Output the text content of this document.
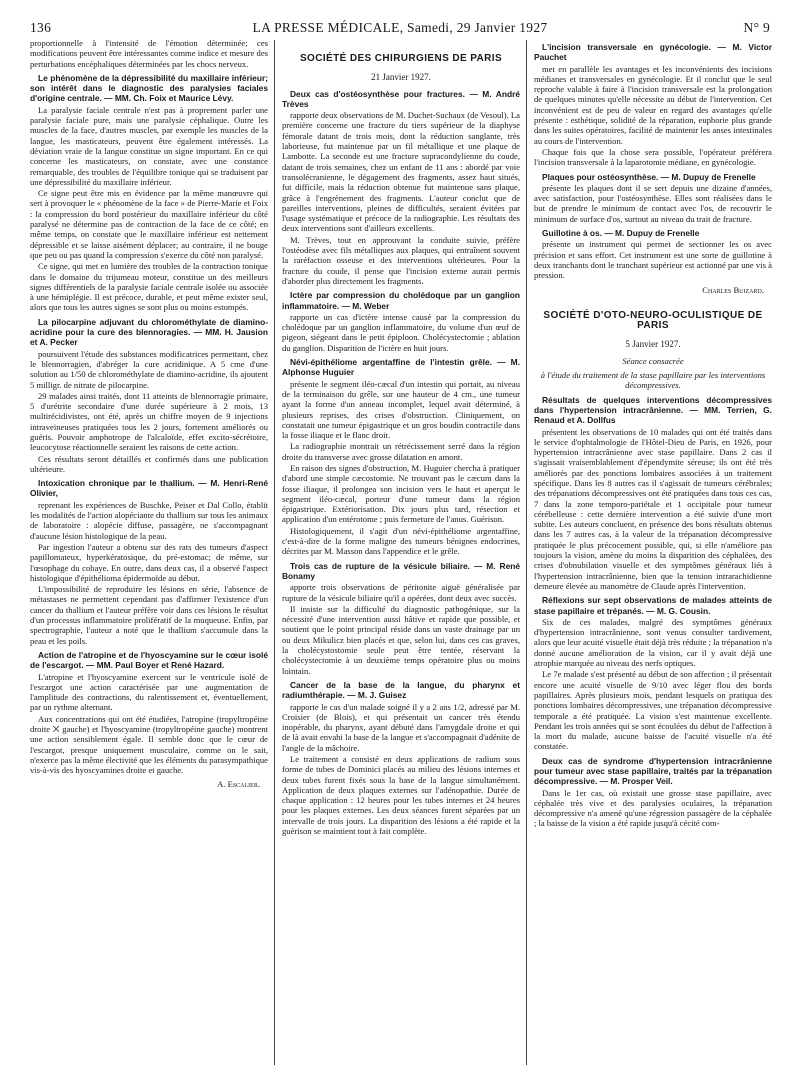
136	LA PRESSE MÉDICALE, Samedi, 29 Janvier 1927	N° 9

proportionnelle à l'intensité de l'émotion déterminée; ces modifications peuvent être intéressantes comme indice et mesure des perturbations encéphaliques déterminées par les chocs nerveux.

Le phénomène de la dépressibilité du maxillaire inférieur; son intérêt dans le diagnostic des paralysies faciales d'origine centrale. — MM. Ch. Foix et Maurice Lévy.

La paralysie faciale centrale n'est pas à proprement parler une paralysie faciale pure, mais une paralysie céphalique. Outre les muscles de la face, d'autres muscles, par exemple les muscles de la langue, les masticateurs, peuvent être également intéressés. La déviation vraie de la langue constitue un signe important. En ce qui concerne les masticateurs, on constate, avec une constance remarquable, des troubles de l'équilibre tonique qui se traduisent par une dépressibilité du maxillaire inférieur.

Ce signe peut être mis en évidence par la même manœuvre qui sert à provoquer le « phénomène de la face » de Pierre-Marie et Foix : la compression du bord postérieur du maxillaire inférieur du côté paralysé ne détermine pas de contraction de la face de ce côté; en même temps, on constate que le maxillaire inférieur est nettement dépressible et se laisse aisément déplacer; au contraire, il ne bouge que peu ou pas quand la compression s'exerce du côté non paralysé.

Ce signe, qui met en lumière des troubles de la contraction tonique dans le domaine du trijumeau moteur, constitue un des meilleurs signes différentiels de la paralysie faciale centrale isolée ou associée à une hémiplégie. Il est précoce, durable, et peut même exister seul, alors que tous les autres signes se sont plus ou moins estompés.

La pilocarpine adjuvant du chlorométhylate de diamino-acridine pour la cure des blennoragies. — MM. H. Jausion et A. Pecker

poursuivent l'étude des substances modificatrices permettant, chez le blennorragien, d'abréger la cure acridinique. A 5 cme d'une solution au 1/50 de chlorométhylate de diamino-acridine, ils ajoutent 5 milligr. de nitrate de pilocarpine.

29 malades ainsi traités, dont 11 atteints de blennorragie primaire, 5 d'urétrite secondaire d'une durée supérieure à 2 mois, 13 multirécidivistes, ont été, après un chiffre moyen de 9 injections intraveineuses pratiquées tous les 2 jours, fortement améliorés ou guéris. Pouvoir amphotrope de l'alcaloïde, effet excito-sécrétoire, leucocytose réactionnelle seraient les raisons de cette action.

Ces résultats seront détaillés et confirmés dans une publication ultérieure.

Intoxication chronique par le thallium. — M. Henri-René Olivier,

reprenant les expériences de Buschke, Peiser et Dal Collo, établit les modalités de l'action alopéciante du thallium sur tous les animaux de laboratoire : alopécie diffuse, passagère, ne s'accompagnant d'aucune lésion histologique de la peau.

Par ingestion l'auteur a obtenu sur des rats des tumeurs d'aspect papillomateux, hyperkératosique, du pré-estomac; de même, sur l'œsophage du cobaye. En outre, dans deux cas, il a observé l'aspect histologique d'épithélioma épidermoïde au début.

L'impossibilité de reproduire les lésions en série, l'absence de métastases ne permettent cependant pas d'affirmer l'existence d'un cancer du thallium et l'auteur préfère voir dans ces lésions le résultat d'un processus inflammatoire prolifératif de la muqueuse. Enfin, par spectrographie, l'auteur a noté que le thallium s'accumule dans la peau et les poils.

Action de l'atropine et de l'hyoscyamine sur le cœur isolé de l'escargot. — MM. Paul Boyer et René Hazard.

L'atropine et l'hyoscyamine exercent sur le ventricule isolé de l'escargot une action caractérisée par une augmentation de l'amplitude des contractions, du ralentissement et, éventuellement, par un rythme alternant.

Aux concentrations qui ont été étudiées, l'atropine (tropyltropéine droite ⨉ gauche) et l'hyoscyamine (tropyltropéine gauche) montrent une action sensiblement égale. Il semble donc que le cœur de l'escargot, presque uniquement musculaire, comme on le sait, n'exerce pas la même électivité que les éléments du parasympathique vis-à-vis des hyoscyamines droite et gauche.

A. Escalier.
SOCIÉTÉ DES CHIRURGIENS DE PARIS
21 Janvier 1927.

Deux cas d'ostéosynthèse pour fractures. — M. André Trèves

rapporte deux observations de M. Duchet-Suchaux (de Vesoul). La première concerne une fracture du tiers supérieur de la diaphyse fémorale datant de trois mois, dont la réduction sanglante, très laborieuse, fut maintenue par un fil métallique et une plaque de Lambotte. La seconde est une fracture supracondylienne du coude, datant de trois semaines, chez un enfant de 11 ans : abordé par voie transolécranienne, le dégagement des fragments, assez haut situés, fut difficile, mais la réduction obtenue fut maintenue sans plaque, grâce à l'engrènement des fragments. L'auteur conclut que de pareilles interventions, pleines de difficultés, seraient évitées par l'usage systématique et précoce de la radiographie. Les résultats des deux interventions sont d'ailleurs excellents.

M. Trèves, tout en approuvant la conduite suivie, préfère l'ostéodèse avec fils métalliques aux plaques, qui entraînent souvent la raréfaction osseuse et des interventions ultérieures. Pour la fracture du coude, il pense que l'incision externe aurait permis d'aborder plus directement les fragments.

Ictère par compression du cholédoque par un ganglion inflammatoire. — M. Weber

rapporte un cas d'ictère intense causé par la compression du cholédoque par un ganglion inflammatoire, du volume d'un œuf de pigeon, siégeant dans le petit épiploon. Cholécystectomie ; ablation du ganglion. Disparition de l'ictère en huit jours.

Névi-épithéliome argentaffine de l'intestin grêle. — M. Alphonse Huguier

présente le segment iléo-cæcal d'un intestin qui portait, au niveau de la terminaison du grêle, sur une hauteur de 4 cm., une tumeur ayant la forme d'un anneau incomplet, lequel avait déterminé, à plusieurs reprises, des crises d'obstruction. Cliniquement, on constatait une tumeur épigastrique et un gros boudin contractile dans la fosse iliaque et le flanc droit.

La radiographie montrait un rétrécissement serré dans la région droite du transverse avec grosse dilatation en amont.

En raison des signes d'obstruction, M. Huguier chercha à pratiquer d'abord une simple cæcostomie. Ne trouvant pas le cæcum dans la fosse iliaque, il prolongea son incision vers le haut et aperçut le segment iléo-cæcal, porteur d'une tumeur dans la région épigastrique. Extériorisation. Dix jours plus tard, résection et application d'un entérotome ; puis fermeture de l'anus. Guérison.

Histologiquement, il s'agit d'un névi-épithéliome argentaffine, c'est-à-dire de la forme maligne des tumeurs bénignes endocrines, décrites par M. Masson dans l'appendice et le grêle.

Trois cas de rupture de la vésicule biliaire. — M. René Bonamy

apporte trois observations de péritonite aiguë généralisée par rupture de la vésicule biliaire qu'il a opérées, dont deux avec succès.

Il insiste sur la difficulté du diagnostic pathogénique, sur la nécessité d'une intervention aussi hâtive et rapide que possible, et soutient que le point principal réside dans un vaste drainage par un ou deux Mikulicz bien placés et que, selon lui, dans ces cas graves, la cholécystostomie seule peut être tentée, réservant la cholécystectomie à un deuxième temps opératoire plus ou moins lointain.

Cancer de la base de la langue, du pharynx et radiumthérapie. — M. J. Guisez

rapporte le cas d'un malade soigné il y a 2 ans 1/2, adressé par M. Croisier (de Blois), et qui présentait un cancer très étendu inopérable, du pharynx, ayant débuté dans l'amygdale droite et qui de là avait envahi la base de la langue et s'accompagnait d'adénite de l'angle de la mâchoire.

Le traitement a consisté en deux applications de radium sous forme de tubes de Dominici placés au milieu des lésions internes et deux tubes furent fixés sous la base de la langue simultanément. Application de deux plaques externes sur l'adénopathie. Durée de chaque application : 12 heures pour les tubes internes et 24 heures pour les plaques externes. Les deux séances furent séparées par un intervalle de trois jours. La disparition des lésions a été rapide et la guérison se maintient tout à fait complète.

L'incision transversale en gynécologie. — M. Victor Pauchet

met en parallèle les avantages et les inconvénients des incisions médianes et transversales en gynécologie. Et il conclut que le seul reproche valable à faire à l'incision transversale est la prolongation de quelques minutes qu'elle nécessite au début de l'intervention. Cet inconvénient est de peu de valeur en regard des avantages qu'elle présente : esthétique, solidité de la réparation, euphorie plus grande dans les suites opératoires, facilité de maintenir les anses intestinales au cours de l'intervention.

Chaque fois que la chose sera possible, l'opérateur préférera l'incision transversale à la laparotomie médiane, en gynécologie.

Plaques pour ostéosynthèse. — M. Dupuy de Frenelle

présente les plaques dont il se sert depuis une dizaine d'années, avec satisfaction, pour l'ostéosynthèse. Elles sont réalisées dans le but de prendre le minimum de contact avec l'os, de recouvrir le minimum de surface d'os, surtout au niveau du trait de fracture.

Guillotine à os. — M. Dupuy de Frenelle

présente un instrument qui permet de sectionner les os avec précision et sans effort. Cet instrument est une sorte de guillotine à deux tranchants dont le tranchant supérieur est actionné par une vis à pression.

Charles Buizard.
SOCIÉTÉ D'OTO-NEURO-OCULISTIQUE DE PARIS
5 Janvier 1927.
Séance consacrée
à l'étude du traitement de la stase papillaire par les interventions décompressives.

Résultats de quelques interventions décompressives dans l'hypertension intracrânienne. — MM. Terrien, G. Renaud et A. Dollfus

présentent les observations de 10 malades qui ont été traités dans le service d'ophtalmologie de l'Hôtel-Dieu de Paris, en 1926, pour hypertension intracrânienne avec stase papillaire. Dans 2 cas il s'agissait vraisemblablement d'épendymite séreuse; ils ont été très améliorés par des ponctions lombaires associées à un traitement spécifique. Dans les 8 autres cas il s'agissait de tumeurs cérébrales; des trépanations décompressives ont été pratiquées dans tous ces cas, 7 dans la zone temporo-pariétale et 1 occipitale pour tumeur cérébelleuse : cette dernière intervention a été suivie d'une mort subite. Les auteurs concluent, en présence des bons résultats obtenus dans les 7 autres cas, à la valeur de la trépanation décompressive pratiquée le plus précocement possible, qui, si elle n'améliore pas toujours la vision, amène du moins la disparition des céphalées, des crises d'obnubilation visuelle et des symptômes généraux liés à l'hypertension intracrânienne, bien que la tension intrarachidienne demeure élevée au manomètre de Claude après l'intervention.

Réflexions sur sept observations de malades atteints de stase papillaire et trépanés. — M. G. Cousin.

Six de ces malades, malgré des symptômes généraux d'hypertension intracrânienne, sont venus consulter tardivement, alors que leur acuité visuelle était déjà très réduite ; la trépanation n'a donné aucune amélioration de la vision, car il y avait déjà une atrophie marquée au niveau des nerfs optiques.

Le 7e malade s'est présenté au début de son affection ; il présentait encore une acuité visuelle de 9/10 avec léger flou des bords papillaires. Après plusieurs mois, pendant lesquels on pratiqua des ponctions lombaires décompressives, une trépanation décompressive temporale a été pratiquée. La vision s'est maintenue excellente. Pendant les trois années qui se sont écoulées du début de l'affection à la mort du malade, aucune baisse de l'acuité visuelle n'a été constatée.

Deux cas de syndrome d'hypertension intracrânienne pour tumeur avec stase papillaire, traités par la trépanation décompressive. — M. Prosper Veil.

Dans le 1er cas, où existait une grosse stase papillaire, avec céphalée très vive et des paralysies oculaires, la trépanation décompressive n'a amené qu'une régression passagère de la céphalée ; la baisse de la vision a été rapide jusqu'à cécité com-
